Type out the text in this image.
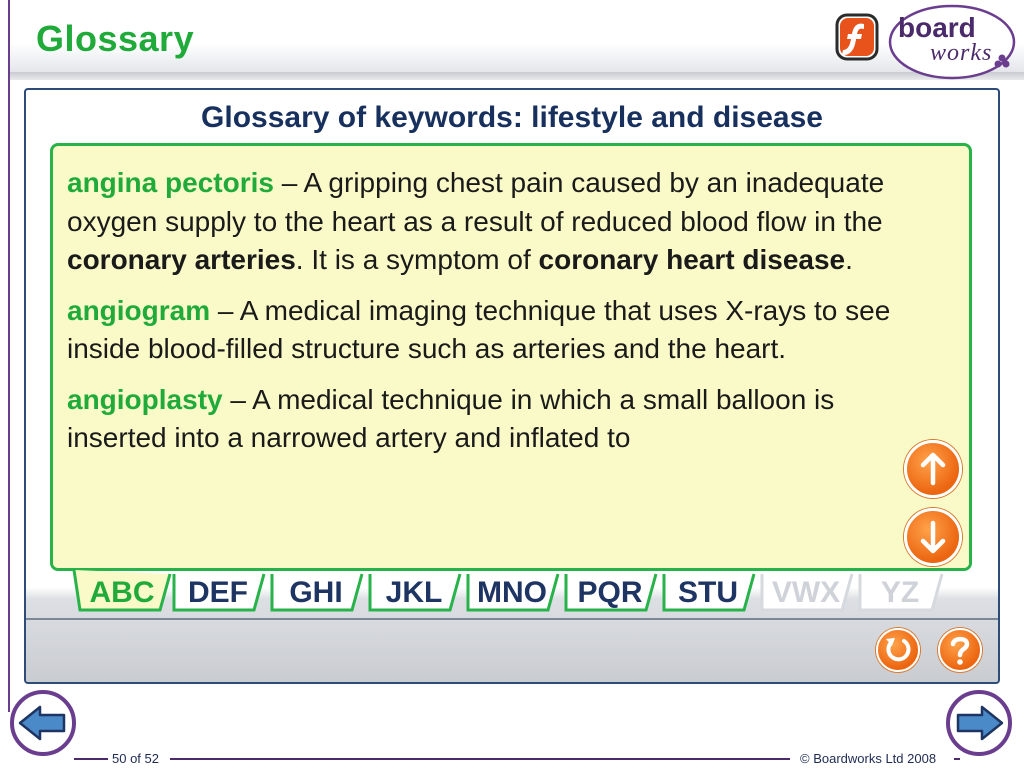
Glossary	board
works
Glossary of keywords: lifestyle and disease

angina pectoris – A gripping chest pain caused by an inadequate oxygen supply to the heart as a result of reduced blood flow in the coronary arteries. It is a symptom of coronary heart disease.

angiogram – A medical imaging technique that uses X-rays to see inside blood-filled structure such as arteries and the heart.

angioplasty – A medical technique in which a small balloon is inserted into a narrowed artery and inflated to

ABC	DEF	GHI	JKL	MNO	PQR	STU	VWX	YZ
50 of 52	© Boardworks Ltd 2008
